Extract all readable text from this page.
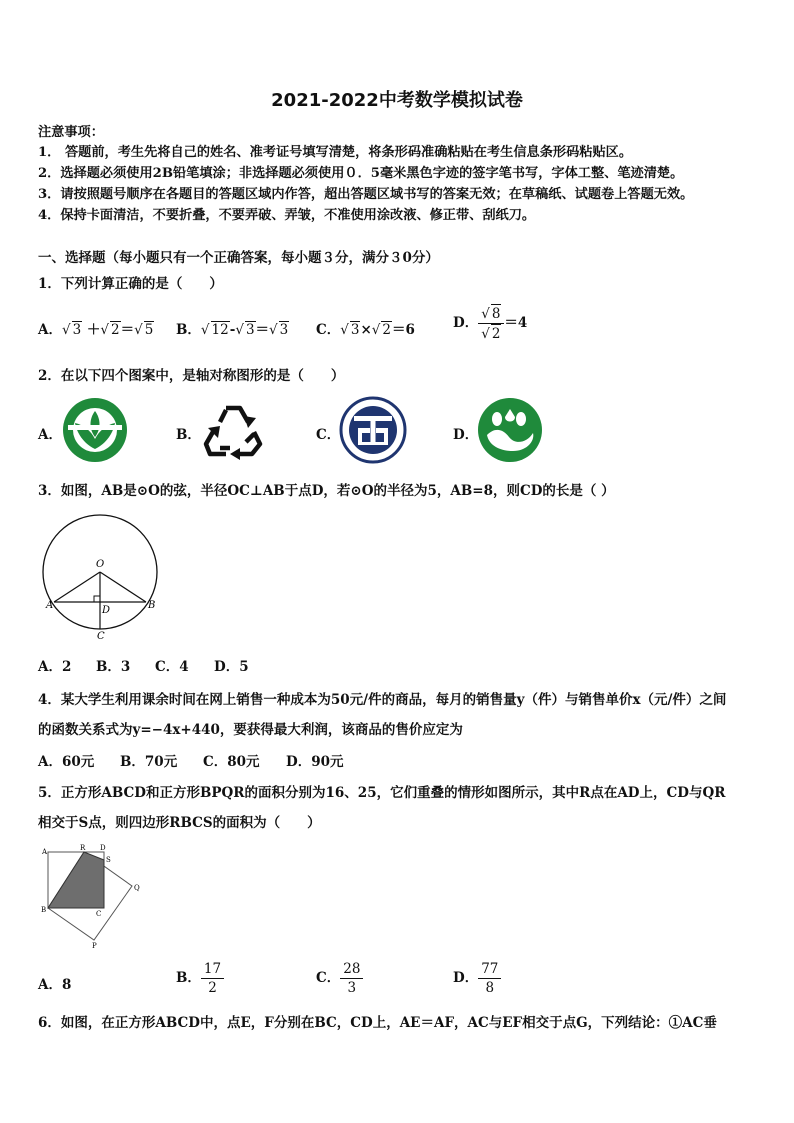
2021-2022中考数学模拟试卷
注意事项：
1． 答题前，考生先将自己的姓名、准考证号填写清楚，将条形码准确粘贴在考生信息条形码粘贴区。
2．选择题必须使用2B铅笔填涂；非选择题必须使用０．5毫米黑色字迹的签字笔书写，字体工整、笔迹清楚。
3．请按照题号顺序在各题目的答题区域内作答，超出答题区域书写的答案无效；在草稿纸、试题卷上答题无效。
4．保持卡面清洁，不要折叠，不要弄破、弄皱，不准使用涂改液、修正带、刮纸刀。
一、选择题（每小题只有一个正确答案，每小题３分，满分３0分）
1．下列计算正确的是（　　）
A．√ 3 ＋√ 2＝√ 5 B．√ 12-√ 3＝√ 3 C．√ 3×√ 2＝6	D． $\frac{√ 8}{√ 2} =4$
2．在以下四个图案中，是轴对称图形的是（　　）
A．	B．	C．	D．
3．如图，AB是⊙O的弦，半径OC⊥AB于点D，若⊙O的半径为5，AB=8，则CD的长是（ ）
O
A	B
D
C
A．2 B．3 C．4 D．5
4．某大学生利用课余时间在网上销售一种成本为50元/件的商品，每月的销售量y（件）与销售单价x（元/件）之间
的函数关系式为y=−4x+440，要获得最大利润，该商品的售价应定为
A．60元 B．70元 C．80元 D．90元
5．正方形ABCD和正方形BPQR的面积分别为16、25，它们重叠的情形如图所示，其中R点在AD上，CD与QR
相交于S点，则四边形RBCS的面积为（　　）
A	R D
S
Q
B	C
P
A．8	B． $\frac{17}{2}$	C． $\frac{28}{3}$	D． $\frac{77}{8}$
6．如图，在正方形ABCD中，点E，F分别在BC，CD上，AE＝AF，AC与EF相交于点G，下列结论：①AC垂
